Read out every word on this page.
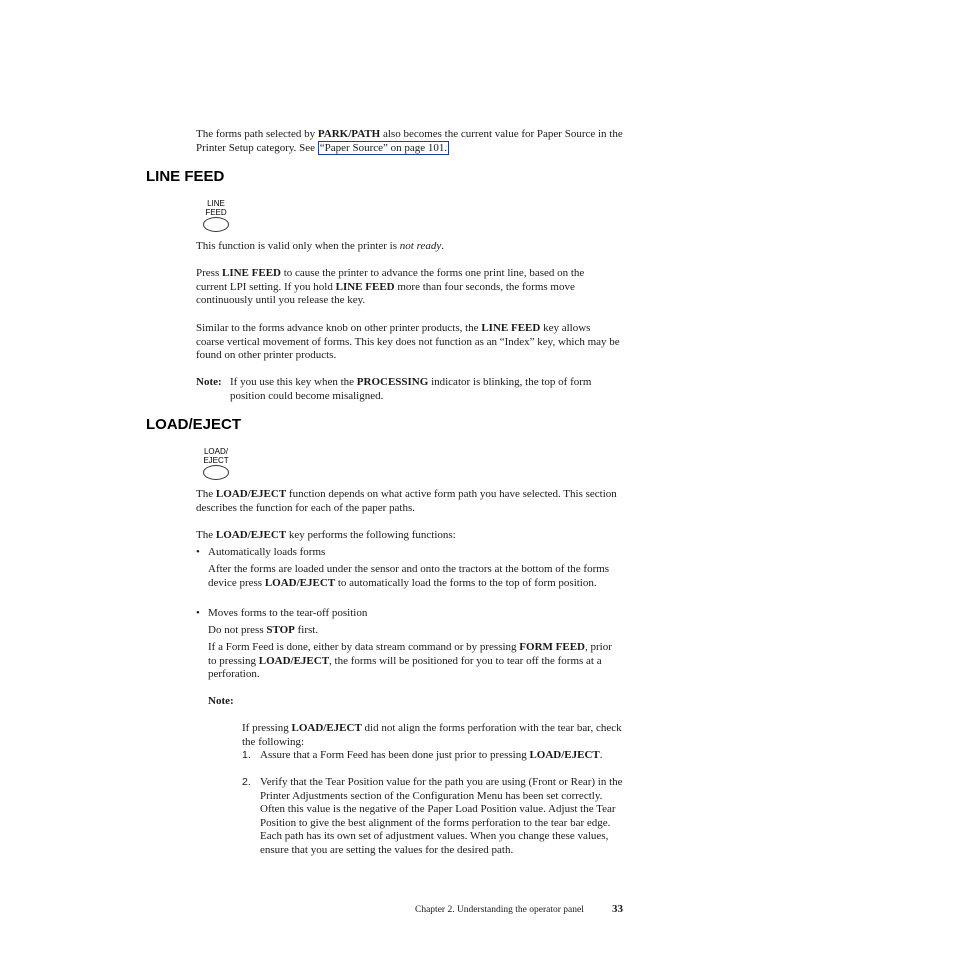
The forms path selected by PARK/PATH also becomes the current value for Paper Source in the Printer Setup category. See “Paper Source” on page 101.

LINE FEED
LINE
FEED

This function is valid only when the printer is not ready.

Press LINE FEED to cause the printer to advance the forms one print line, based on the current LPI setting. If you hold LINE FEED more than four seconds, the forms move continuously until you release the key.

Similar to the forms advance knob on other printer products, the LINE FEED key allows coarse vertical movement of forms. This key does not function as an “Index” key, which may be found on other printer products.

Note: If you use this key when the PROCESSING indicator is blinking, the top of form position could become misaligned.

LOAD/EJECT
LOAD/
EJECT

The LOAD/EJECT function depends on what active form path you have selected. This section describes the function for each of the paper paths.

The LOAD/EJECT key performs the following functions:

• Automatically loads forms

After the forms are loaded under the sensor and onto the tractors at the bottom of the forms device press LOAD/EJECT to automatically load the forms to the top of form position.

• Moves forms to the tear-off position

Do not press STOP first.

If a Form Feed is done, either by data stream command or by pressing FORM FEED, prior to pressing LOAD/EJECT, the forms will be positioned for you to tear off the forms at a perforation.

Note:

If pressing LOAD/EJECT did not align the forms perforation with the tear bar, check the following:

1. Assure that a Form Feed has been done just prior to pressing LOAD/EJECT.

2. Verify that the Tear Position value for the path you are using (Front or Rear) in the Printer Adjustments section of the Configuration Menu has been set correctly. Often this value is the negative of the Paper Load Position value. Adjust the Tear Position to give the best alignment of the forms perforation to the tear bar edge. Each path has its own set of adjustment values. When you change these values, ensure that you are setting the values for the desired path.

Chapter 2. Understanding the operator panel	33
